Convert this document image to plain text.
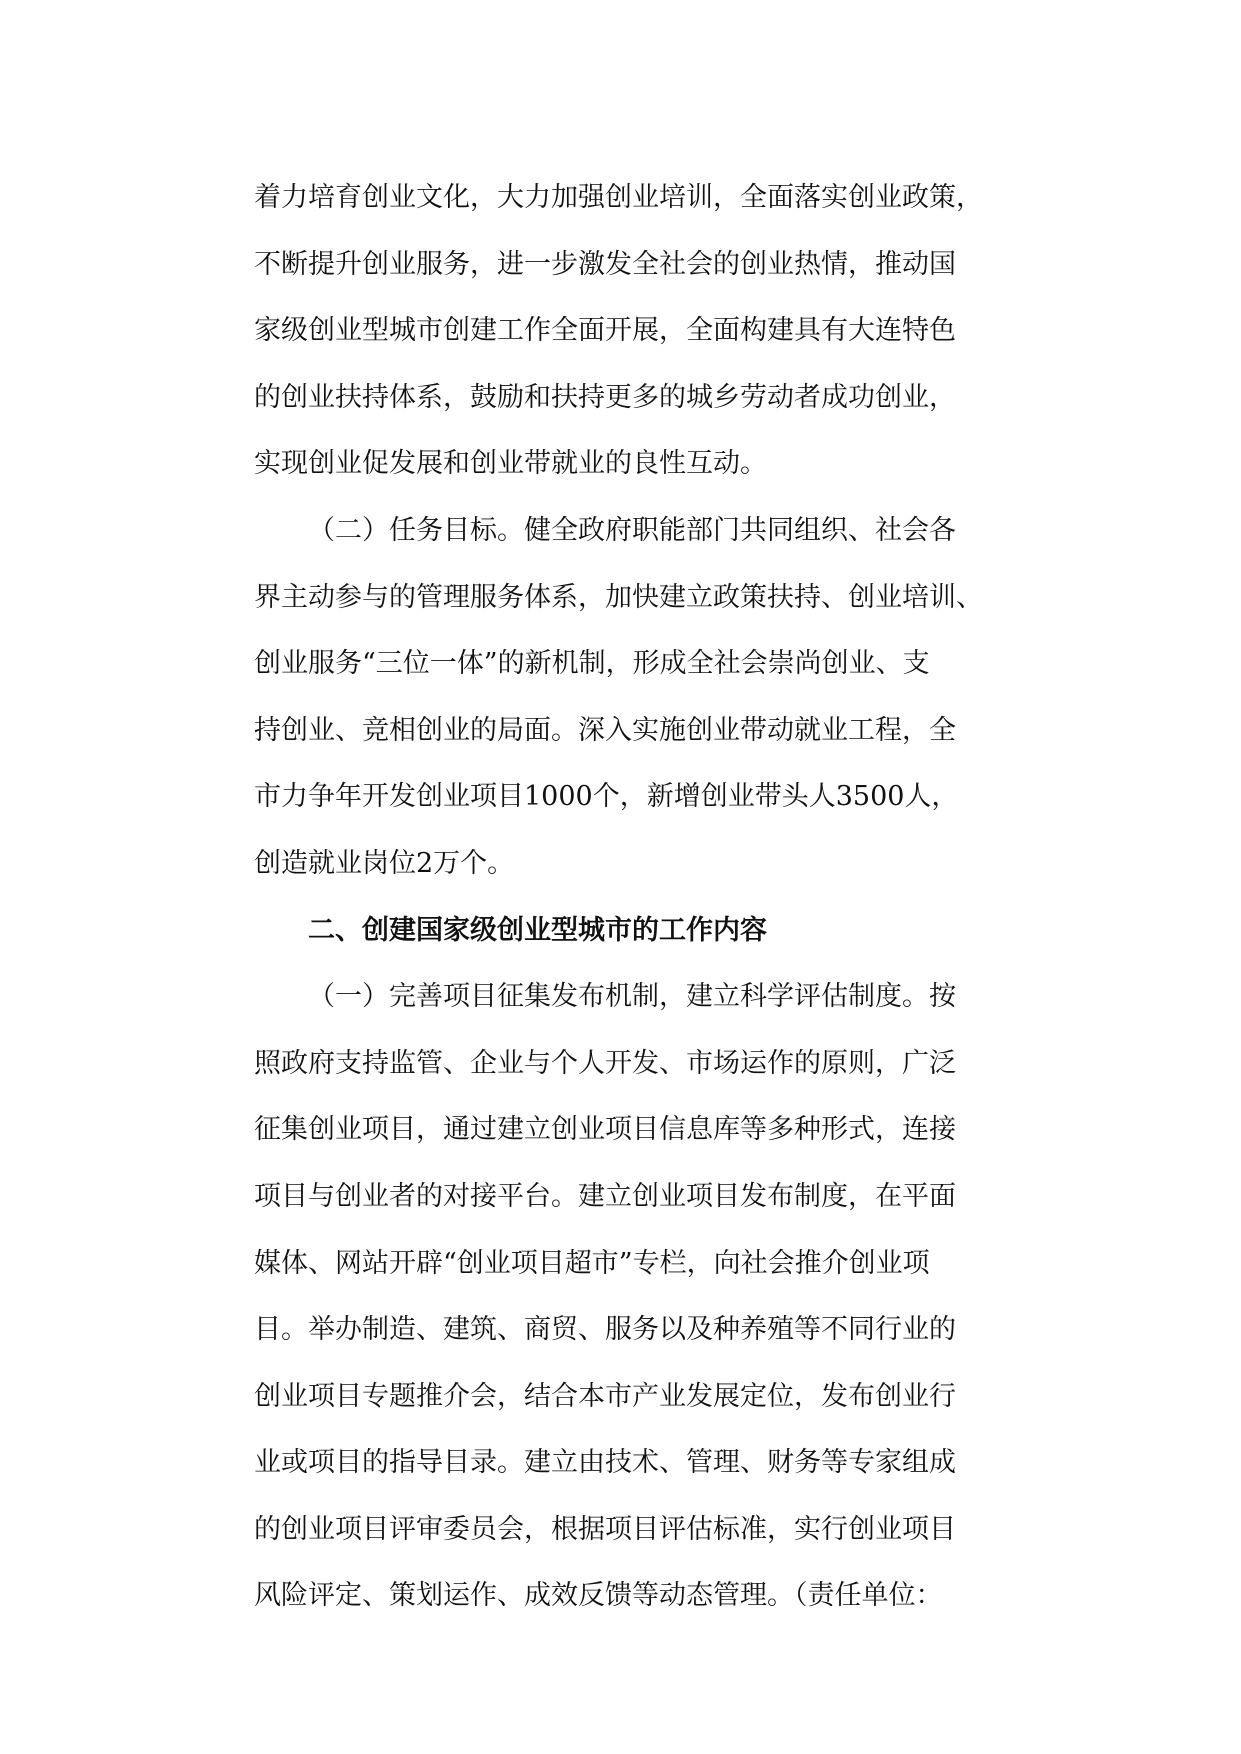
着力培育创业文化，大力加强创业培训，全面落实创业政策，
不断提升创业服务，进一步激发全社会的创业热情，推动国
家级创业型城市创建工作全面开展，全面构建具有大连特色
的创业扶持体系，鼓励和扶持更多的城乡劳动者成功创业，
实现创业促发展和创业带就业的良性互动。
（二）任务目标。健全政府职能部门共同组织、社会各
界主动参与的管理服务体系，加快建立政策扶持、创业培训、
创业服务“三位一体”的新机制，形成全社会崇尚创业、支
持创业、竞相创业的局面。深入实施创业带动就业工程，全
市力争年开发创业项目1000个，新增创业带头人3500人，
创造就业岗位2万个。
二、创建国家级创业型城市的工作内容
（一）完善项目征集发布机制，建立科学评估制度。按
照政府支持监管、企业与个人开发、市场运作的原则，广泛
征集创业项目，通过建立创业项目信息库等多种形式，连接
项目与创业者的对接平台。建立创业项目发布制度，在平面
媒体、网站开辟“创业项目超市”专栏，向社会推介创业项
目。举办制造、建筑、商贸、服务以及种养殖等不同行业的
创业项目专题推介会，结合本市产业发展定位，发布创业行
业或项目的指导目录。建立由技术、管理、财务等专家组成
的创业项目评审委员会，根据项目评估标准，实行创业项目
风险评定、策划运作、成效反馈等动态管理。（责任单位：
